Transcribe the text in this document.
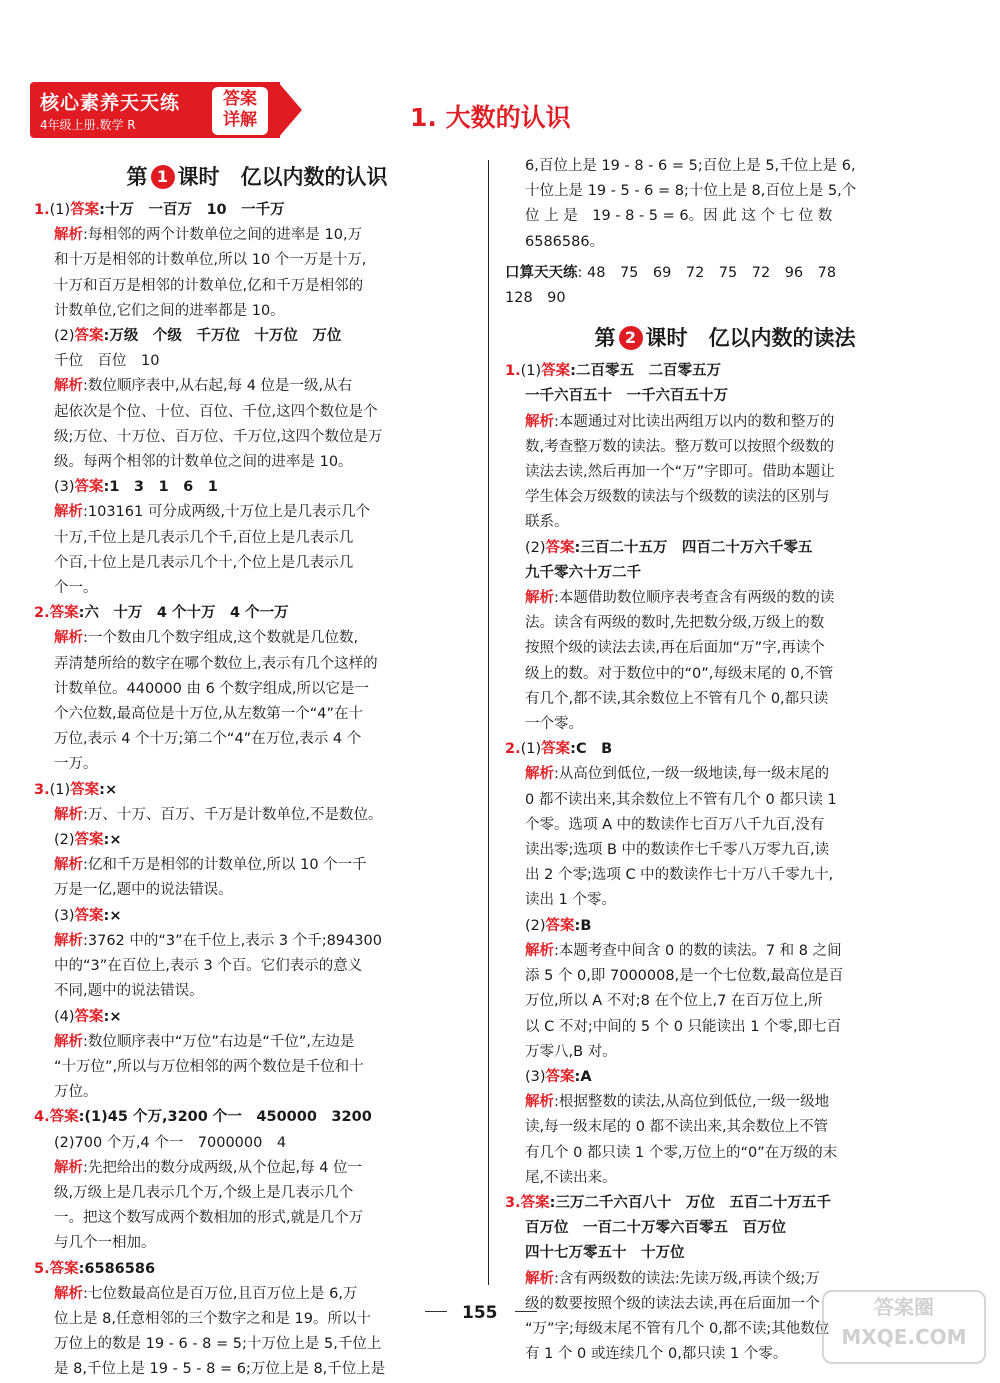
核心素养天天练
4年级上册.数学 R
答案
详解	1. 大数的认识
第 1 课时　亿以内数的认识
1.(1)答案:十万　一百万　10　一千万
解析:每相邻的两个计数单位之间的进率是 10,万
和十万是相邻的计数单位,所以 10 个一万是十万,
十万和百万是相邻的计数单位,亿和千万是相邻的
计数单位,它们之间的进率都是 10。
(2)答案:万级　个级　千万位　十万位　万位
千位　百位　10
解析:数位顺序表中,从右起,每 4 位是一级,从右
起依次是个位、十位、百位、千位,这四个数位是个
级;万位、十万位、百万位、千万位,这四个数位是万
级。每两个相邻的计数单位之间的进率是 10。
(3)答案:1　3　1　6　1
解析:103161 可分成两级,十万位上是几表示几个
十万,千位上是几表示几个千,百位上是几表示几
个百,十位上是几表示几个十,个位上是几表示几
个一。
2.答案:六　十万　4 个十万　4 个一万
解析:一个数由几个数字组成,这个数就是几位数,
弄清楚所给的数字在哪个数位上,表示有几个这样的
计数单位。440000 由 6 个数字组成,所以它是一
个六位数,最高位是十万位,从左数第一个“4”在十
万位,表示 4 个十万;第二个“4”在万位,表示 4 个
一万。
3.(1)答案:×
解析:万、十万、百万、千万是计数单位,不是数位。
(2)答案:×
解析:亿和千万是相邻的计数单位,所以 10 个一千
万是一亿,题中的说法错误。
(3)答案:×
解析:3762 中的“3”在千位上,表示 3 个千;894300
中的“3”在百位上,表示 3 个百。它们表示的意义
不同,题中的说法错误。
(4)答案:×
解析:数位顺序表中“万位”右边是“千位”,左边是
“十万位”,所以与万位相邻的两个数位是千位和十
万位。
4.答案:(1)45 个万,3200 个一　450000　3200
(2)700 个万,4 个一　7000000　4
解析:先把给出的数分成两级,从个位起,每 4 位一
级,万级上是几表示几个万,个级上是几表示几个
一。把这个数写成两个数相加的形式,就是几个万
与几个一相加。
5.答案:6586586
解析:七位数最高位是百万位,且百万位上是 6,万
位上是 8,任意相邻的三个数字之和是 19。所以十
万位上的数是 19 - 6 - 8 = 5;十万位上是 5,千位上
是 8,千位上是 19 - 5 - 8 = 6;万位上是 8,千位上是
6,百位上是 19 - 8 - 6 = 5;百位上是 5,千位上是 6,
十位上是 19 - 5 - 6 = 8;十位上是 8,百位上是 5,个
位 上 是　19 - 8 - 5 = 6。因 此 这 个 七 位 数
6586586。
口算天天练: 48　75　69　72　75　72　96　78
128　90
第 2 课时　亿以内数的读法
1.(1)答案:二百零五　二百零五万
一千六百五十　一千六百五十万
解析:本题通过对比读出两组万以内的数和整万的
数,考查整万数的读法。整万数可以按照个级数的
读法去读,然后再加一个“万”字即可。借助本题让
学生体会万级数的读法与个级数的读法的区别与
联系。
(2)答案:三百二十五万　四百二十万六千零五
九千零六十万二千
解析:本题借助数位顺序表考查含有两级的数的读
法。读含有两级的数时,先把数分级,万级上的数
按照个级的读法去读,再在后面加“万”字,再读个
级上的数。对于数位中的“0”,每级末尾的 0,不管
有几个,都不读,其余数位上不管有几个 0,都只读
一个零。
2.(1)答案:C　B
解析:从高位到低位,一级一级地读,每一级末尾的
0 都不读出来,其余数位上不管有几个 0 都只读 1
个零。选项 A 中的数读作七百万八千九百,没有
读出零;选项 B 中的数读作七千零八万零九百,读
出 2 个零;选项 C 中的数读作七十万八千零九十,
读出 1 个零。
(2)答案:B
解析:本题考查中间含 0 的数的读法。7 和 8 之间
添 5 个 0,即 7000008,是一个七位数,最高位是百
万位,所以 A 不对;8 在个位上,7 在百万位上,所
以 C 不对;中间的 5 个 0 只能读出 1 个零,即七百
万零八,B 对。
(3)答案:A
解析:根据整数的读法,从高位到低位,一级一级地
读,每一级末尾的 0 都不读出来,其余数位上不管
有几个 0 都只读 1 个零,万位上的“0”在万级的末
尾,不读出来。
3.答案:三万二千六百八十　万位　五百二十万五千
百万位　一百二十万零六百零五　百万位
四十七万零五十　十万位
解析:含有两级数的读法:先读万级,再读个级;万
级的数要按照个级的读法去读,再在后面加一个
“万”字;每级末尾不管有几个 0,都不读;其他数位
有 1 个 0 或连续几个 0,都只读 1 个零。
155	答案圈
MXQE.COM
